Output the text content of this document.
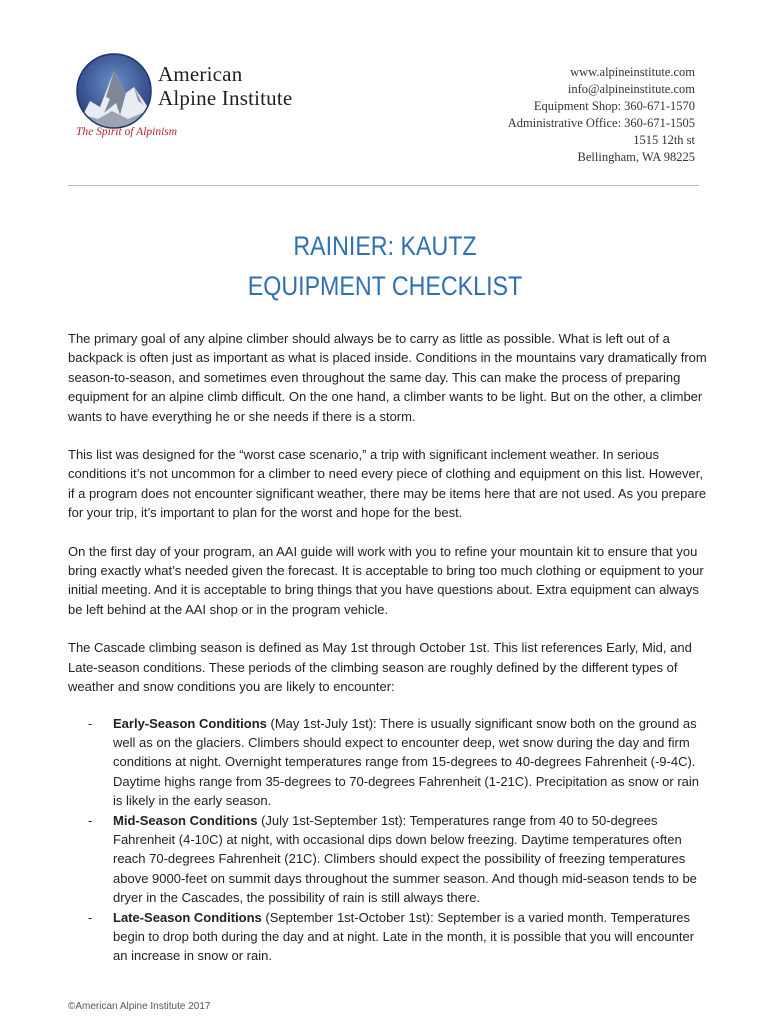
American
Alpine Institute
The Spirit of Alpinism
www.alpineinstitute.com
info@alpineinstitute.com
Equipment Shop: 360-671-1570
Administrative Office: 360-671-1505
1515 12th st
Bellingham, WA 98225
RAINIER: KAUTZ
EQUIPMENT CHECKLIST

The primary goal of any alpine climber should always be to carry as little as possible. What is left out of a backpack is often just as important as what is placed inside. Conditions in the mountains vary dramatically from season-to-season, and sometimes even throughout the same day. This can make the process of preparing equipment for an alpine climb difficult. On the one hand, a climber wants to be light. But on the other, a climber wants to have everything he or she needs if there is a storm.

This list was designed for the “worst case scenario,” a trip with significant inclement weather. In serious conditions it’s not uncommon for a climber to need every piece of clothing and equipment on this list. However, if a program does not encounter significant weather, there may be items here that are not used. As you prepare for your trip, it’s important to plan for the worst and hope for the best.

On the first day of your program, an AAI guide will work with you to refine your mountain kit to ensure that you bring exactly what’s needed given the forecast. It is acceptable to bring too much clothing or equipment to your initial meeting. And it is acceptable to bring things that you have questions about. Extra equipment can always be left behind at the AAI shop or in the program vehicle.

The Cascade climbing season is defined as May 1st through October 1st. This list references Early, Mid, and Late-season conditions. These periods of the climbing season are roughly defined by the different types of weather and snow conditions you are likely to encounter:

- Early-Season Conditions (May 1st-July 1st): There is usually significant snow both on the ground as well as on the glaciers. Climbers should expect to encounter deep, wet snow during the day and firm conditions at night. Overnight temperatures range from 15-degrees to 40-degrees Fahrenheit (-9-4C). Daytime highs range from 35-degrees to 70-degrees Fahrenheit (1-21C). Precipitation as snow or rain is likely in the early season.
- Mid-Season Conditions (July 1st-September 1st): Temperatures range from 40 to 50-degrees Fahrenheit (4-10C) at night, with occasional dips down below freezing. Daytime temperatures often reach 70-degrees Fahrenheit (21C). Climbers should expect the possibility of freezing temperatures above 9000-feet on summit days throughout the summer season. And though mid-season tends to be dryer in the Cascades, the possibility of rain is still always there.
- Late-Season Conditions (September 1st-October 1st): September is a varied month. Temperatures begin to drop both during the day and at night. Late in the month, it is possible that you will encounter an increase in snow or rain.
©American Alpine Institute 2017
